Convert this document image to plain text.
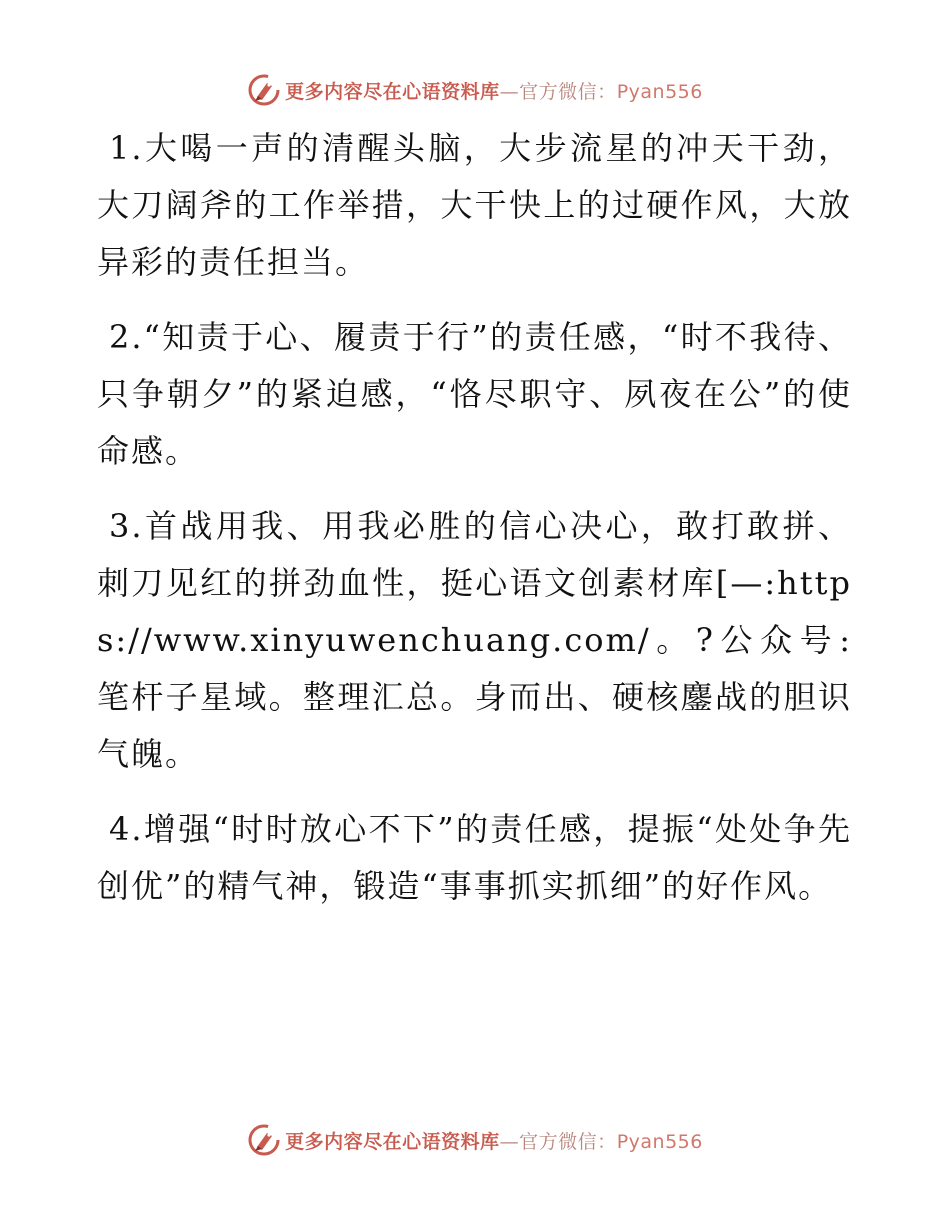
更多内容尽在心语资料库—官方微信：Pyan556

1.大喝一声的清醒头脑，大步流星的冲天干劲，大刀阔斧的工作举措，大干快上的过硬作风，大放异彩的责任担当。

2.“知责于心、履责于行”的责任感，“时不我待、只争朝夕”的紧迫感，“恪尽职守、夙夜在公”的使命感。

3.首战用我、用我必胜的信心决心，敢打敢拼、刺刀见红的拼劲血性，挺心语文创素材库[—:https://www.xinyuwenchuang.com/。?公众号:笔杆子星域。整理汇总。身而出、硬核鏖战的胆识气魄。

4.增强“时时放心不下”的责任感，提振“处处争先创优”的精气神，锻造“事事抓实抓细”的好作风。

更多内容尽在心语资料库—官方微信：Pyan556
